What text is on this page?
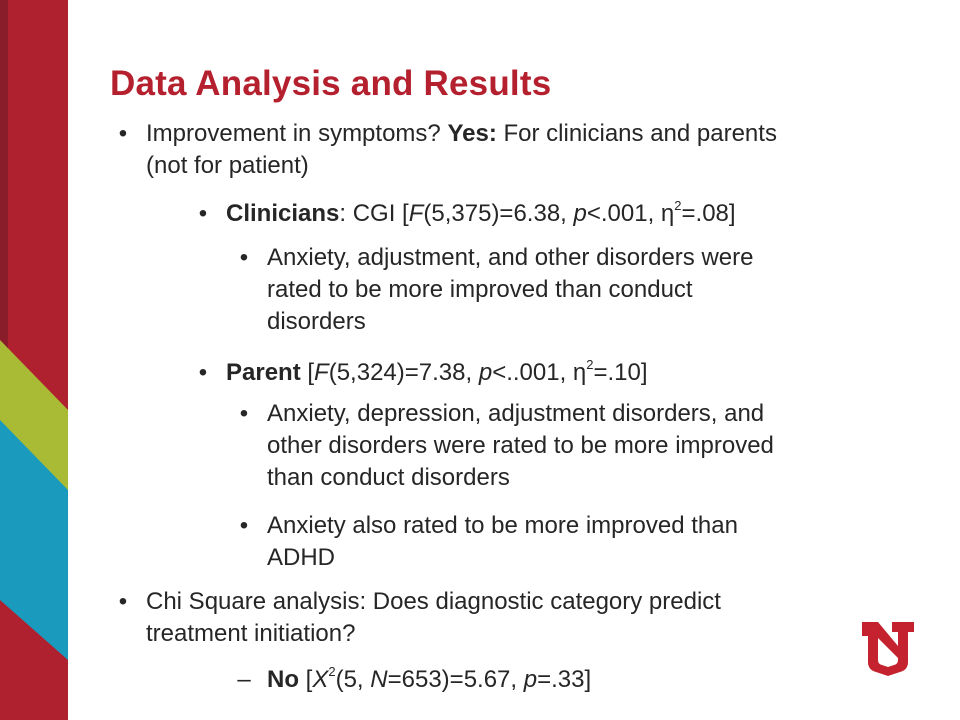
Data Analysis and Results
• Improvement in symptoms? Yes: For clinicians and parents
(not for patient)
• Clinicians: CGI [F(5,375)=6.38, p<.001, $\eta^2=.08$]
• Anxiety, adjustment, and other disorders were
rated to be more improved than conduct
disorders
• Parent [F(5,324)=7.38, p<..001, $\eta^2=.10$]
• Anxiety, depression, adjustment disorders, and
other disorders were rated to be more improved
than conduct disorders
• Anxiety also rated to be more improved than
ADHD
• Chi Square analysis: Does diagnostic category predict
treatment initiation?
– No [$X^2(5$, N=653)=5.67, p=.33]
